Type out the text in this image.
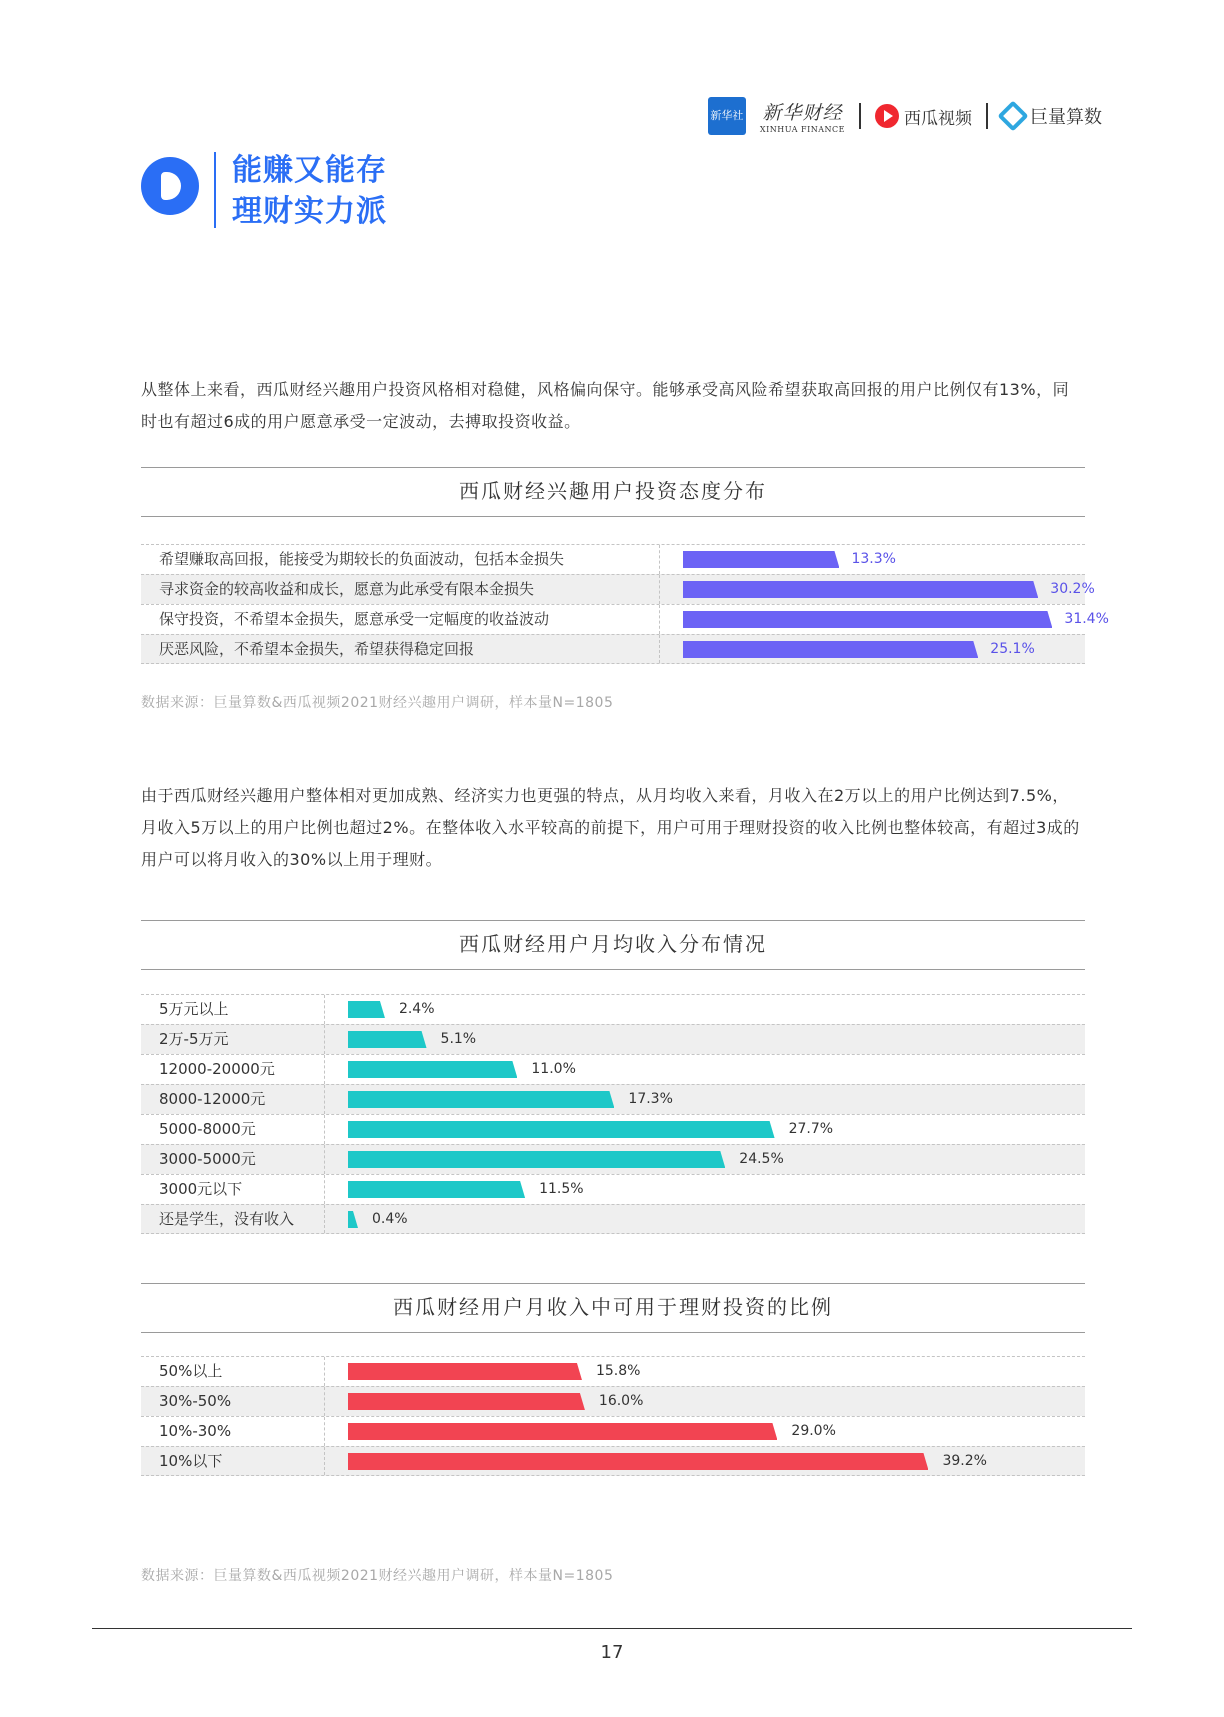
新华社 新华财经
XINHUA FINANCE
西瓜视频	巨量算数
能赚又能存
理财实力派

从整体上来看，西瓜财经兴趣用户投资风格相对稳健，风格偏向保守。能够承受高风险希望获取高回报的用户比例仅有13%，同时也有超过6成的用户愿意承受一定波动，去搏取投资收益。

西瓜财经兴趣用户投资态度分布
希望赚取高回报，能接受为期较长的负面波动，包括本金损失	13.3%
寻求资金的较高收益和成长，愿意为此承受有限本金损失	30.2%
保守投资，不希望本金损失，愿意承受一定幅度的收益波动	31.4%
厌恶风险，不希望本金损失，希望获得稳定回报	25.1%
数据来源：巨量算数&西瓜视频2021财经兴趣用户调研，样本量N=1805

由于西瓜财经兴趣用户整体相对更加成熟、经济实力也更强的特点，从月均收入来看，月收入在2万以上的用户比例达到7.5%，月收入5万以上的用户比例也超过2%。在整体收入水平较高的前提下，用户可用于理财投资的收入比例也整体较高，有超过3成的用户可以将月收入的30%以上用于理财。

西瓜财经用户月均收入分布情况
5万元以上	2.4%
2万-5万元	5.1%
12000-20000元	11.0%
8000-12000元	17.3%
5000-8000元	27.7%
3000-5000元	24.5%
3000元以下	11.5%
还是学生，没有收入	0.4%
西瓜财经用户月收入中可用于理财投资的比例
50%以上	15.8%
30%-50%	16.0%
10%-30%	29.0%
10%以下	39.2%
数据来源：巨量算数&西瓜视频2021财经兴趣用户调研，样本量N=1805
17
